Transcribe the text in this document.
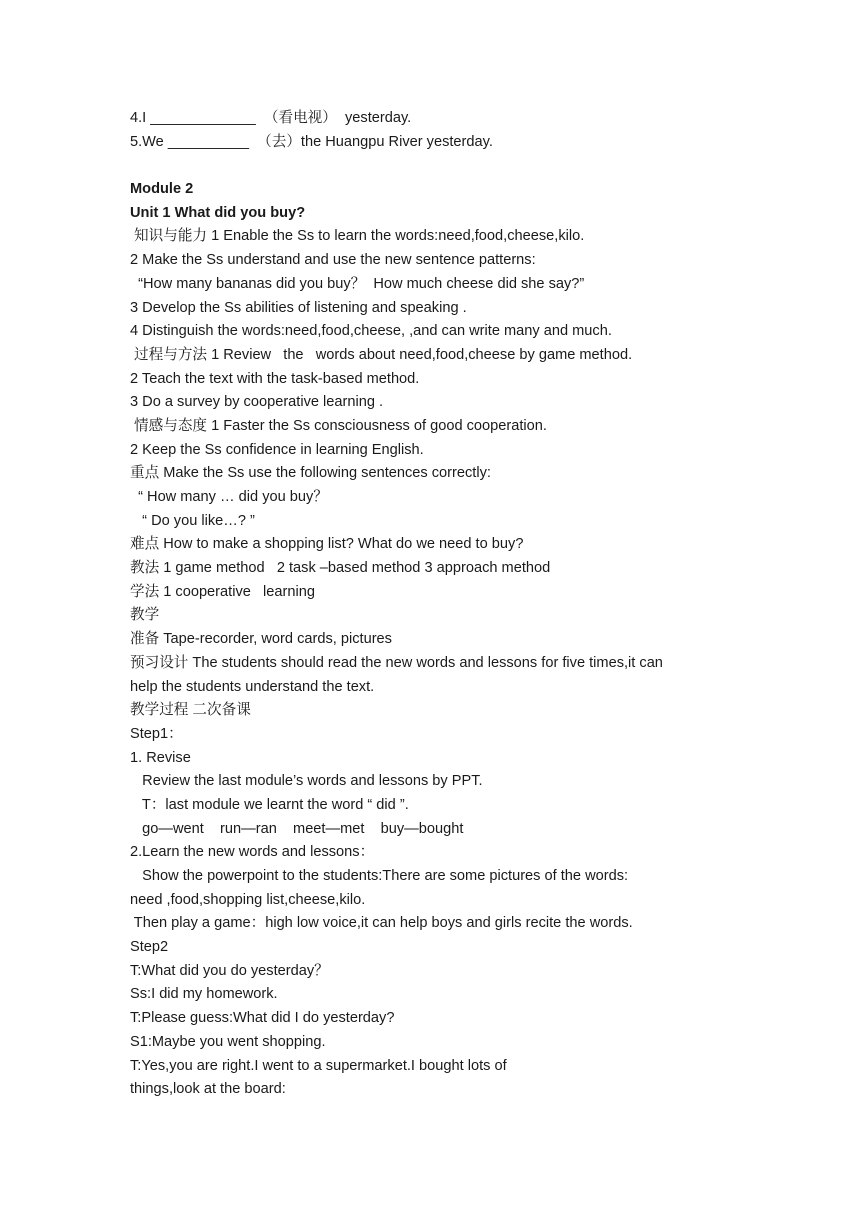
4.I _____________  （看电视）  yesterday.
5.We __________  （去）the Huangpu River yesterday.
Module 2
Unit 1 What did you buy?
知识与能力 1 Enable the Ss to learn the words:need,food,cheese,kilo.
2 Make the Ss understand and use the new sentence patterns:
“How many bananas did you buy？  How much cheese did she say?”
3 Develop the Ss abilities of listening and speaking .
4 Distinguish the words:need,food,cheese, ,and can write many and much.
过程与方法 1 Review   the   words about need,food,cheese by game method.
2 Teach the text with the task-based method.
3 Do a survey by cooperative learning .
情感与态度 1 Faster the Ss consciousness of good cooperation.
2 Keep the Ss confidence in learning English.
重点 Make the Ss use the following sentences correctly:
“ How many … did you buy？
“ Do you like…? ”
难点 How to make a shopping list? What do we need to buy?
教法 1 game method   2 task –based method 3 approach method
学法 1 cooperative   learning
教学
准备 Tape-recorder, word cards, pictures
预习设计 The students should read the new words and lessons for five times,it can
help the students understand the text.
教学过程 二次备课
Step1：
1. Revise
Review the last module’s words and lessons by PPT.
T：last module we learnt the word “ did ”.
go—went    run—ran    meet—met    buy—bought
2.Learn the new words and lessons：
Show the powerpoint to the students:There are some pictures of the words:
need ,food,shopping list,cheese,kilo.
Then play a game：high low voice,it can help boys and girls recite the words.
Step2
T:What did you do yesterday？
Ss:I did my homework.
T:Please guess:What did I do yesterday?
S1:Maybe you went shopping.
T:Yes,you are right.I went to a supermarket.I bought lots of
things,look at the board:
